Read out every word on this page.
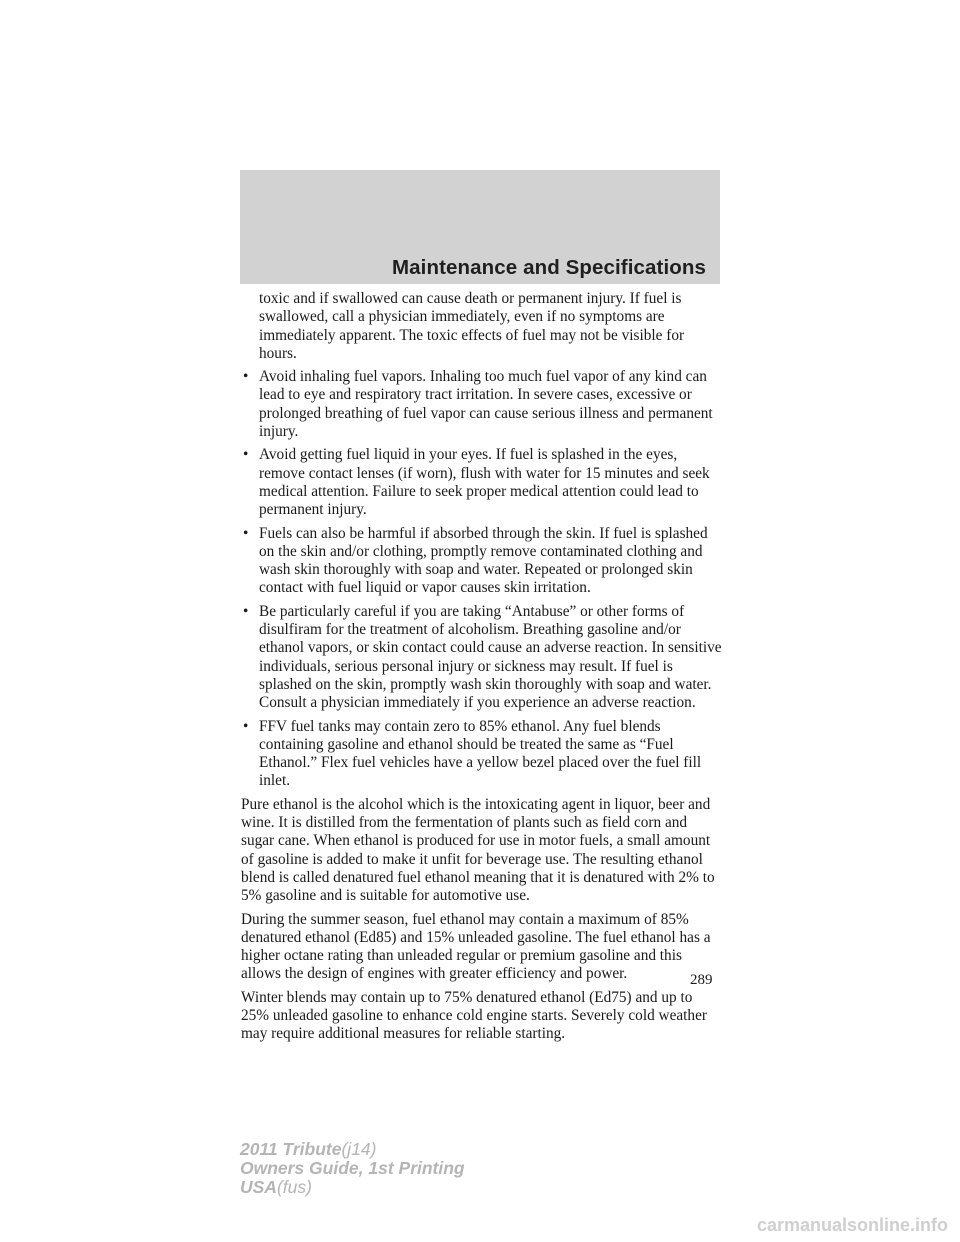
Maintenance and Specifications

toxic and if swallowed can cause death or permanent injury. If fuel is swallowed, call a physician immediately, even if no symptoms are immediately apparent. The toxic effects of fuel may not be visible for hours.

• Avoid inhaling fuel vapors. Inhaling too much fuel vapor of any kind can lead to eye and respiratory tract irritation. In severe cases, excessive or prolonged breathing of fuel vapor can cause serious illness and permanent injury.
• Avoid getting fuel liquid in your eyes. If fuel is splashed in the eyes, remove contact lenses (if worn), flush with water for 15 minutes and seek medical attention. Failure to seek proper medical attention could lead to permanent injury.
• Fuels can also be harmful if absorbed through the skin. If fuel is splashed on the skin and/or clothing, promptly remove contaminated clothing and wash skin thoroughly with soap and water. Repeated or prolonged skin contact with fuel liquid or vapor causes skin irritation.
• Be particularly careful if you are taking “Antabuse” or other forms of disulfiram for the treatment of alcoholism. Breathing gasoline and/or ethanol vapors, or skin contact could cause an adverse reaction. In sensitive individuals, serious personal injury or sickness may result. If fuel is splashed on the skin, promptly wash skin thoroughly with soap and water. Consult a physician immediately if you experience an adverse reaction.
• FFV fuel tanks may contain zero to 85% ethanol. Any fuel blends containing gasoline and ethanol should be treated the same as “Fuel Ethanol.” Flex fuel vehicles have a yellow bezel placed over the fuel fill inlet.

Pure ethanol is the alcohol which is the intoxicating agent in liquor, beer and wine. It is distilled from the fermentation of plants such as field corn and sugar cane. When ethanol is produced for use in motor fuels, a small amount of gasoline is added to make it unfit for beverage use. The resulting ethanol blend is called denatured fuel ethanol meaning that it is denatured with 2% to 5% gasoline and is suitable for automotive use.

During the summer season, fuel ethanol may contain a maximum of 85% denatured ethanol (Ed85) and 15% unleaded gasoline. The fuel ethanol has a higher octane rating than unleaded regular or premium gasoline and this allows the design of engines with greater efficiency and power.

Winter blends may contain up to 75% denatured ethanol (Ed75) and up to 25% unleaded gasoline to enhance cold engine starts. Severely cold weather may require additional measures for reliable starting.

289
2011 Tribute(j14)
Owners Guide, 1st Printing
USA(fus)
carmanualsonline.info
